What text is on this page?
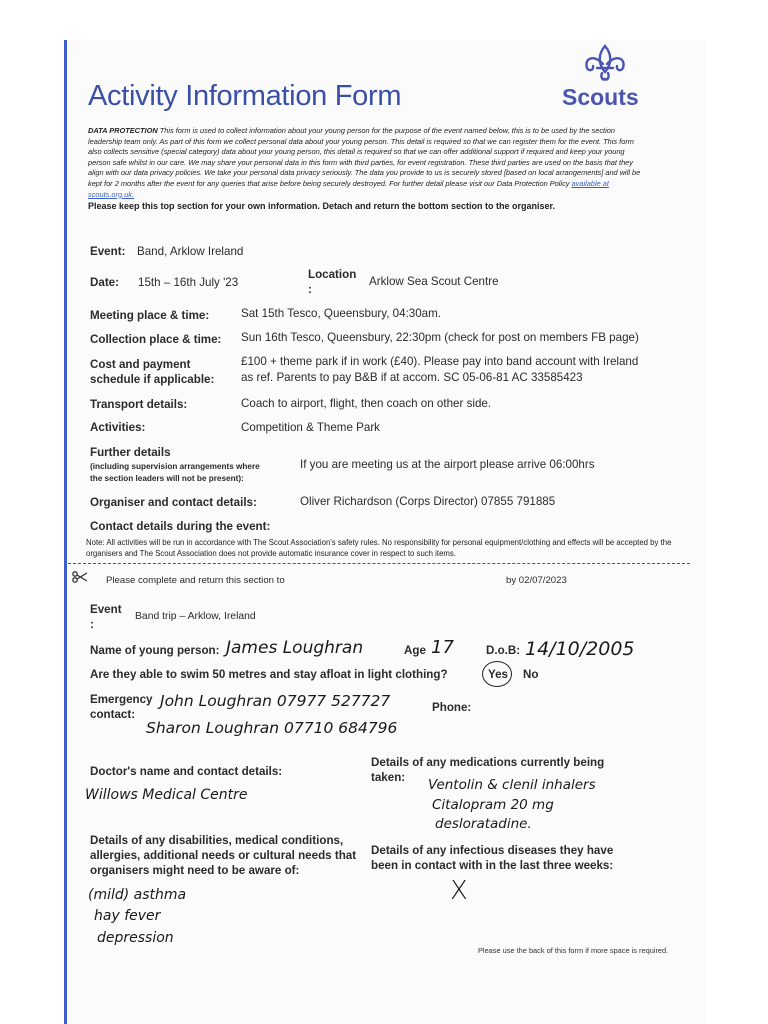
Activity Information Form	Scouts
DATA PROTECTION This form is used to collect information about your young person for the purpose of the event named below, this is to be used by the section leadership team only. As part of this form we collect personal data about your young person. This detail is required so that we can register them for the event. This form also collects sensitive (special category) data about your young person, this detail is required so that we can offer additional support if required and keep your young person safe whilst in our care. We may share your personal data in this form with third parties, for event registration. These third parties are used on the basis that they align with our data privacy policies. We take your personal data privacy seriously. The data you provide to us is securely stored [based on local arrangements] and will be kept for 2 months after the event for any queries that arise before being securely destroyed. For further detail please visit our Data Protection Policy available at scouts.org.uk.
Please keep this top section for your own information. Detach and return the bottom section to the organiser.
Event: Band, Arklow Ireland
Date: 15th – 16th July '23
Location
:
Arklow Sea Scout Centre
Meeting place & time:	Sat 15th Tesco, Queensbury, 04:30am.
Collection place & time: Sun 16th Tesco, Queensbury, 22:30pm (check for post on members FB page)
Cost and payment
schedule if applicable:
£100 + theme park if in work (£40). Please pay into band account with Ireland
as ref. Parents to pay B&B if at accom. SC 05-06-81 AC 33585423
Transport details:	Coach to airport, flight, then coach on other side.
Activities:	Competition & Theme Park
Further details
(including supervision arrangements where
the section leaders will not be present):
If you are meeting us at the airport please arrive 06:00hrs
Organiser and contact details:	Oliver Richardson (Corps Director) 07855 791885
Contact details during the event:
Note: All activities will be run in accordance with The Scout Association's safety rules. No responsibility for personal equipment/clothing and effects will be accepted by the organisers and The Scout Association does not provide automatic insurance cover in respect to such items.
Please complete and return this section to	by 02/07/2023
Event
:
Band trip – Arklow, Ireland
Name of young person: James Loughran	Age 17	D.o.B: 14/10/2005
Are they able to swim 50 metres and stay afloat in light clothing?	Yes No
Emergency
contact:
John Loughran 07977 527727	Phone:
Sharon Loughran 07710 684796
Doctor's name and contact details:
Willows Medical Centre
Details of any medications currently being
taken: Ventolin & clenil inhalers
Citalopram 20 mg
desloratadine.
Details of any disabilities, medical conditions,
allergies, additional needs or cultural needs that
organisers might need to be aware of:
(mild) asthma
hay fever
depression
Details of any infectious diseases they have
been in contact with in the last three weeks:
X
Please use the back of this form if more space is required.
